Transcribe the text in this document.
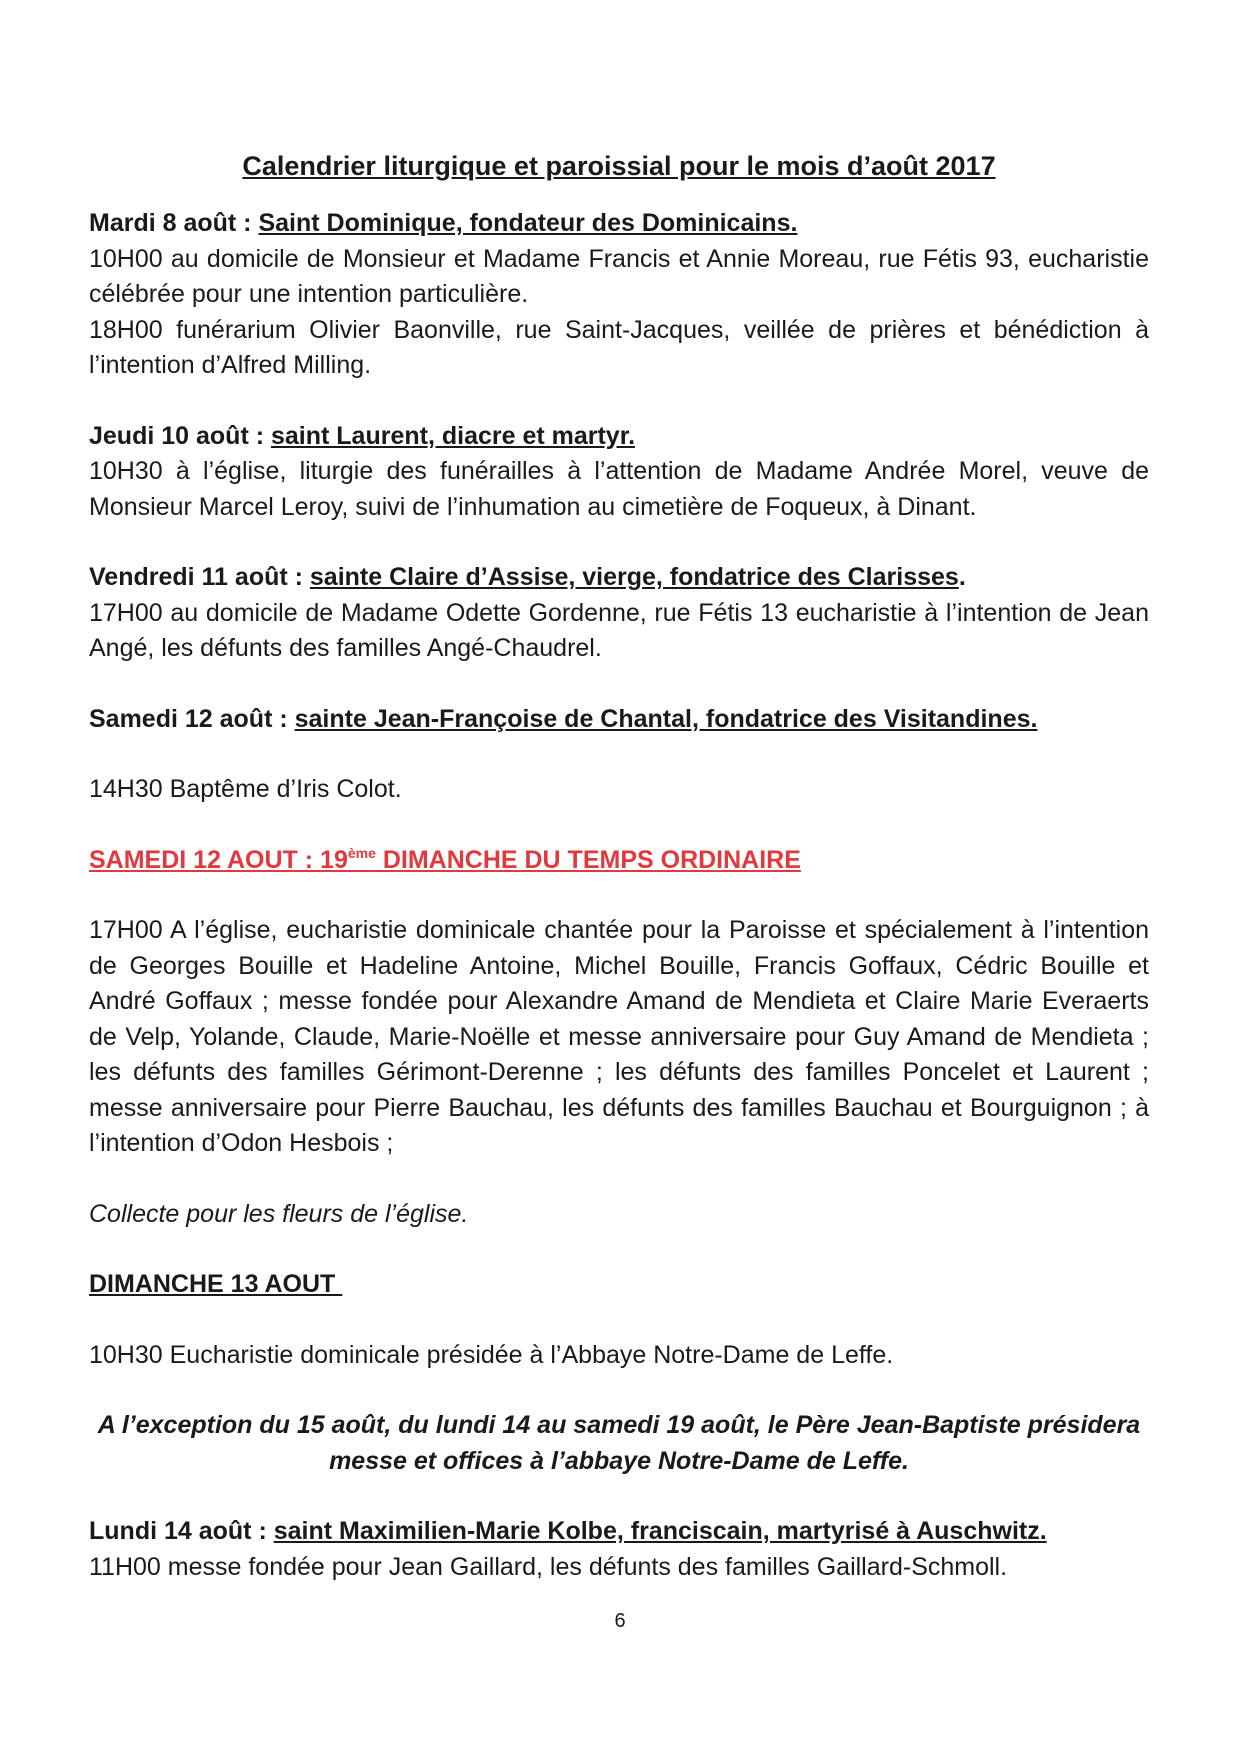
Calendrier liturgique et paroissial pour le mois d’août 2017

Mardi 8 août : Saint Dominique, fondateur des Dominicains.

10H00 au domicile de Monsieur et Madame Francis et Annie Moreau, rue Fétis 93, eucharistie célébrée pour une intention particulière.

18H00 funérarium Olivier Baonville, rue Saint-Jacques, veillée de prières et bénédiction à l’intention d’Alfred Milling.

Jeudi 10 août : saint Laurent, diacre et martyr.

10H30 à l’église, liturgie des funérailles à l’attention de Madame Andrée Morel, veuve de Monsieur Marcel Leroy, suivi de l’inhumation au cimetière de Foqueux, à Dinant.

Vendredi 11 août : sainte Claire d’Assise, vierge, fondatrice des Clarisses.

17H00 au domicile de Madame Odette Gordenne, rue Fétis 13 eucharistie à l’intention de Jean Angé, les défunts des familles Angé-Chaudrel.

Samedi 12 août : sainte Jean-Françoise de Chantal, fondatrice des Visitandines.

14H30 Baptême d’Iris Colot.

SAMEDI 12 AOUT : 19ème DIMANCHE DU TEMPS ORDINAIRE

17H00 A l’église, eucharistie dominicale chantée pour la Paroisse et spécialement à l’intention de Georges Bouille et Hadeline Antoine, Michel Bouille, Francis Goffaux, Cédric Bouille et André Goffaux ; messe fondée pour Alexandre Amand de Mendieta et Claire Marie Everaerts de Velp, Yolande, Claude, Marie-Noëlle et messe anniversaire pour Guy Amand de Mendieta ; les défunts des familles Gérimont-Derenne ; les défunts des familles Poncelet et Laurent ; messe anniversaire pour Pierre Bauchau, les défunts des familles Bauchau et Bourguignon ; à l’intention d’Odon Hesbois ;

Collecte pour les fleurs de l’église.

DIMANCHE 13 AOUT

10H30 Eucharistie dominicale présidée à l’Abbaye Notre-Dame de Leffe.

A l’exception du 15 août, du lundi 14 au samedi 19 août, le Père Jean-Baptiste présidera messe et offices à l’abbaye Notre-Dame de Leffe.

Lundi 14 août : saint Maximilien-Marie Kolbe, franciscain, martyrisé à Auschwitz.

11H00 messe fondée pour Jean Gaillard, les défunts des familles Gaillard-Schmoll.

6
